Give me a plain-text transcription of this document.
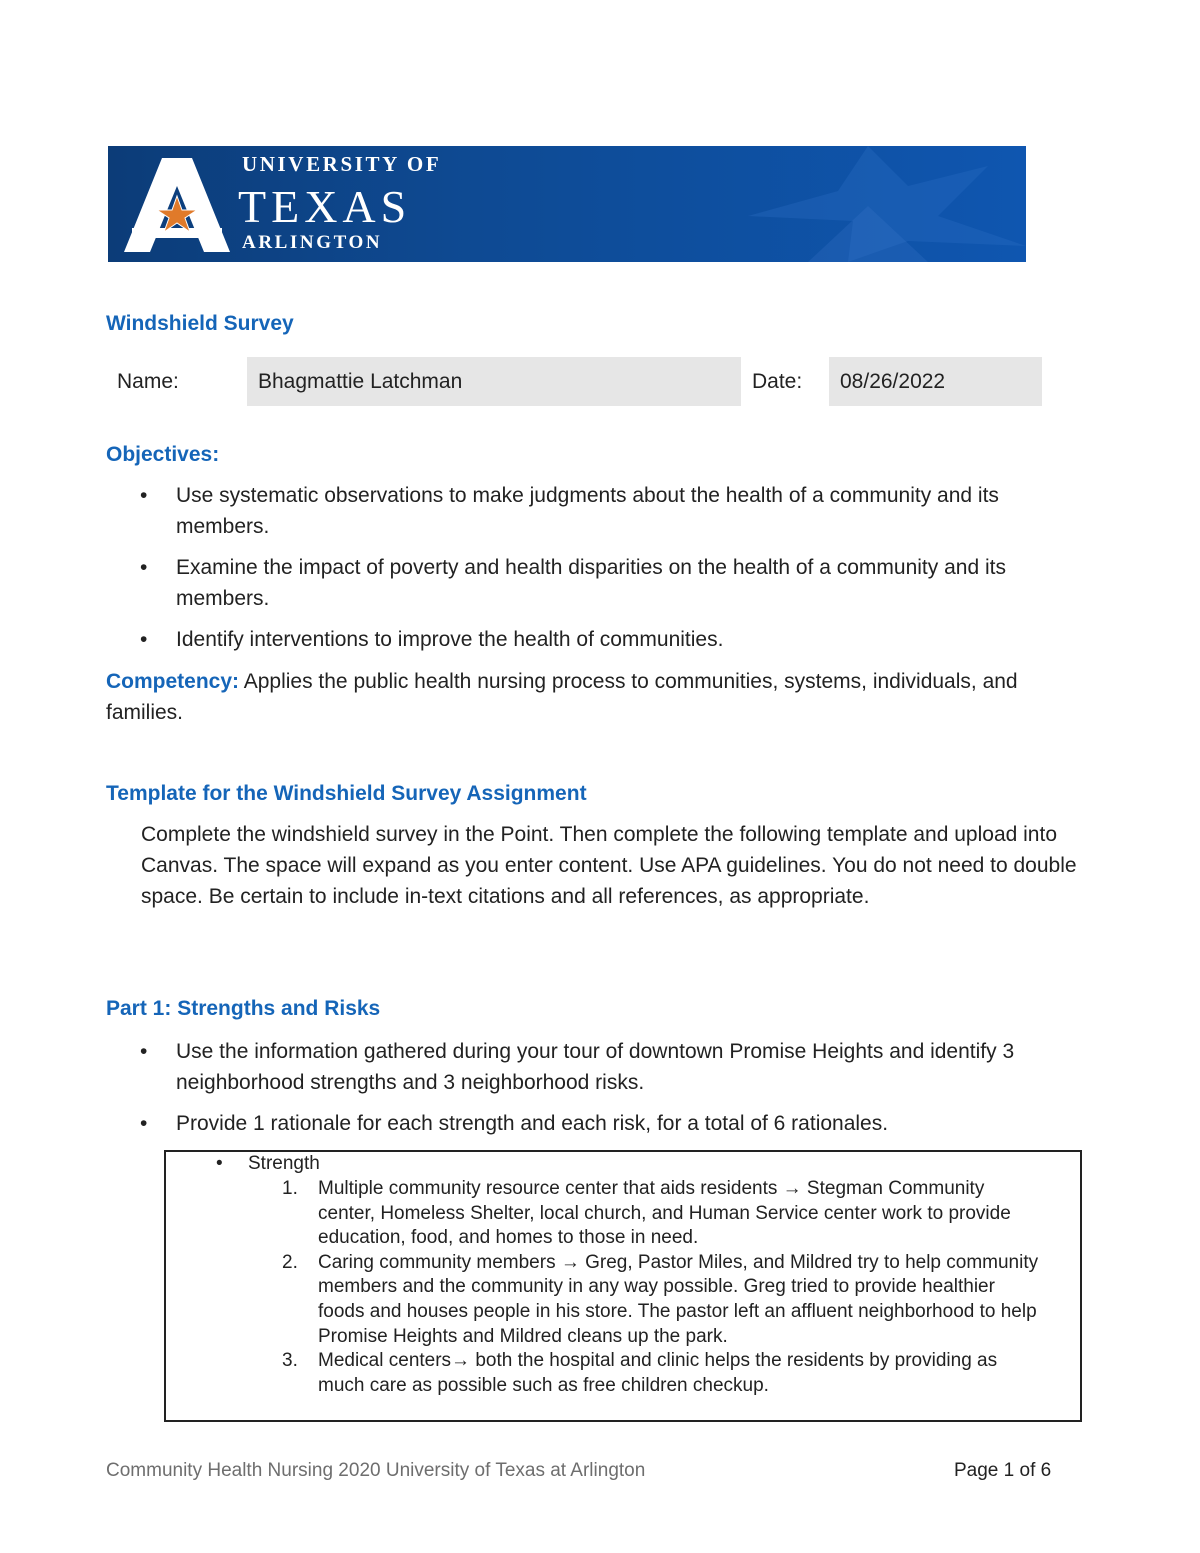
UNIVERSITY OF
TEXAS
ARLINGTON
Windshield Survey
Name:	Bhagmattie Latchman	Date:	08/26/2022
Objectives:
• Use systematic observations to make judgments about the health of a community and its members.
• Examine the impact of poverty and health disparities on the health of a community and its members.
• Identify interventions to improve the health of communities.

Competency: Applies the public health nursing process to communities, systems, individuals, and families.

Template for the Windshield Survey Assignment

Complete the windshield survey in the Point. Then complete the following template and upload into Canvas. The space will expand as you enter content. Use APA guidelines. You do not need to double space. Be certain to include in-text citations and all references, as appropriate.

Part 1: Strengths and Risks
• Use the information gathered during your tour of downtown Promise Heights and identify 3 neighborhood strengths and 3 neighborhood risks.
• Provide 1 rationale for each strength and each risk, for a total of 6 rationales.
• Strength
1. Multiple community resource center that aids residents → Stegman Community center, Homeless Shelter, local church, and Human Service center work to provide education, food, and homes to those in need.
2. Caring community members → Greg, Pastor Miles, and Mildred try to help community members and the community in any way possible. Greg tried to provide healthier foods and houses people in his store. The pastor left an affluent neighborhood to help Promise Heights and Mildred cleans up the park.
3. Medical centers→ both the hospital and clinic helps the residents by providing as much care as possible such as free children checkup.
Community Health Nursing 2020 University of Texas at Arlington	Page 1 of 6
